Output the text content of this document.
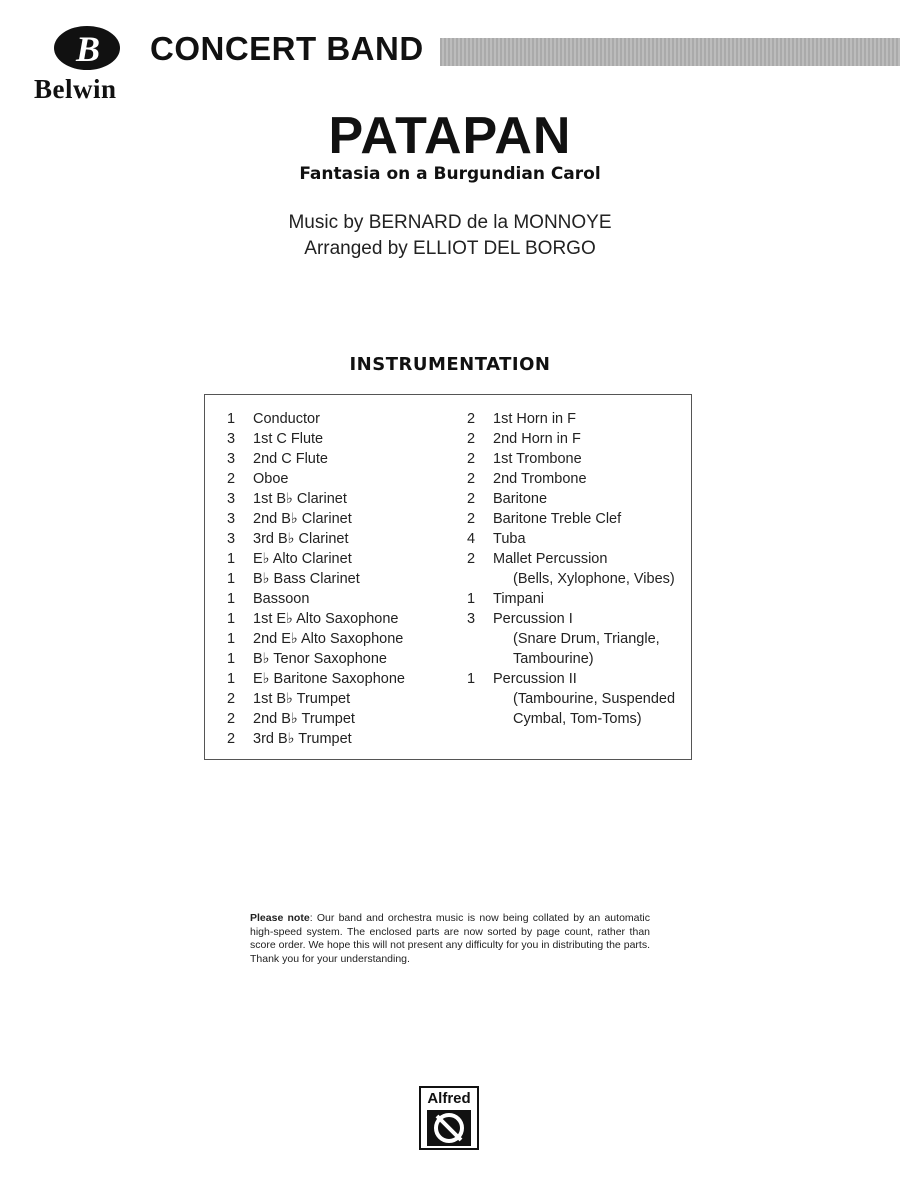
B
Belwin
CONCERT BAND
PATAPAN
Fantasia on a Burgundian Carol
Music by BERNARD de la MONNOYE
Arranged by ELLIOT DEL BORGO
INSTRUMENTATION
1	Conductor
3	1st C Flute
3	2nd C Flute
2	Oboe
3	1st B♭ Clarinet
3	2nd B♭ Clarinet
3	3rd B♭ Clarinet
1	E♭ Alto Clarinet
1	B♭ Bass Clarinet
1	Bassoon
1	1st E♭ Alto Saxophone
1	2nd E♭ Alto Saxophone
1	B♭ Tenor Saxophone
1	E♭ Baritone Saxophone
2	1st B♭ Trumpet
2	2nd B♭ Trumpet
2	3rd B♭ Trumpet
2	1st Horn in F
2	2nd Horn in F
2	1st Trombone
2	2nd Trombone
2	Baritone
2	Baritone Treble Clef
4	Tuba
2	Mallet Percussion
(Bells, Xylophone, Vibes)
1	Timpani
3	Percussion I
(Snare Drum, Triangle,
Tambourine)
1	Percussion II
(Tambourine, Suspended
Cymbal, Tom-Toms)
Please note: Our band and orchestra music is now being collated by an automatic high-speed system. The enclosed parts are now sorted by page count, rather than score order. We hope this will not present any difficulty for you in distributing the parts. Thank you for your understanding.
Alfred
